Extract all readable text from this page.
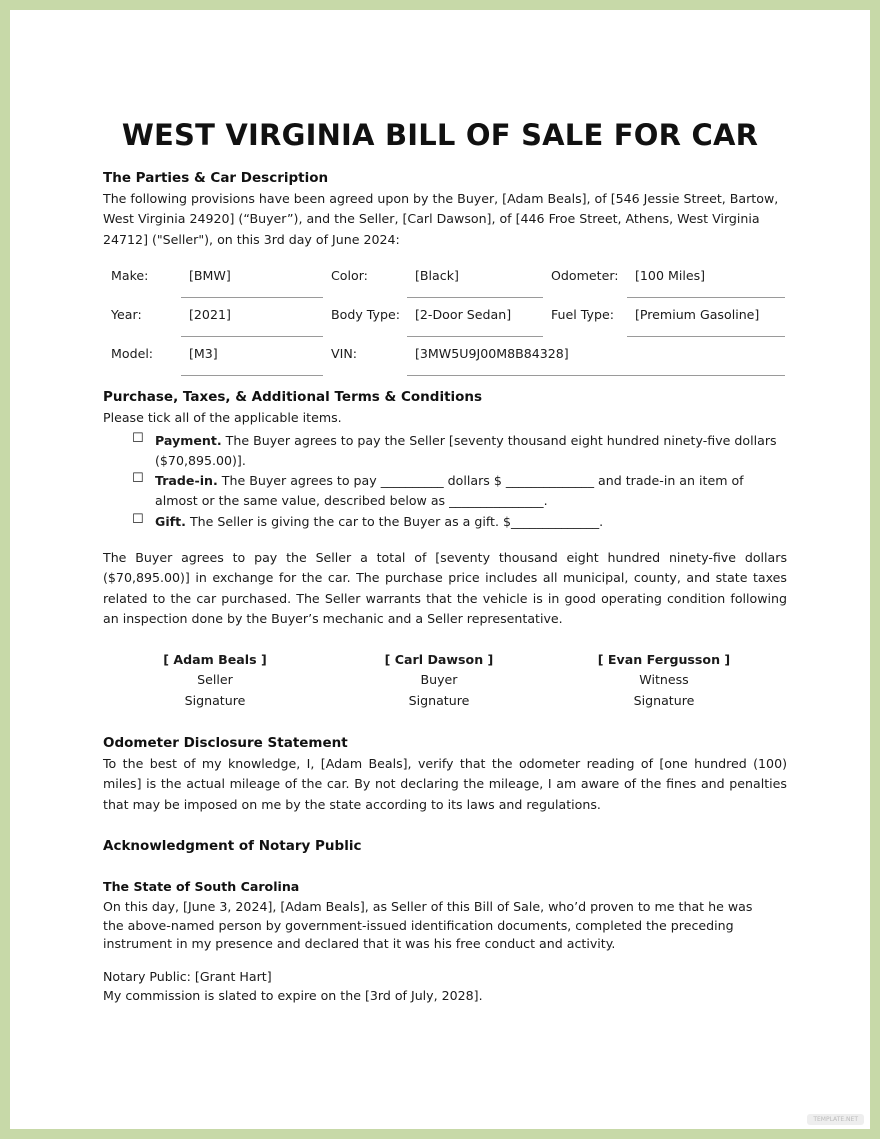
WEST VIRGINIA BILL OF SALE FOR CAR
The Parties & Car Description
The following provisions have been agreed upon by the Buyer, [Adam Beals], of [546 Jessie Street, Bartow, West Virginia 24920] (“Buyer”), and the Seller, [Carl Dawson], of [446 Froe Street, Athens, West Virginia 24712] ("Seller"), on this 3rd day of June 2024:
Make:	[BMW]	Color:	[Black]	Odometer: [100 Miles]
Year:	[2021]	Body Type: [2-Door Sedan]	Fuel Type: [Premium Gasoline]
Model:	[M3]	VIN:	[3MW5U9J00M8B84328]
Purchase, Taxes, & Additional Terms & Conditions
Please tick all of the applicable items.
☐ Payment. The Buyer agrees to pay the Seller [seventy thousand eight hundred ninety-five dollars ($70,895.00)].
☐ Trade-in. The Buyer agrees to pay __________ dollars $ ______________ and trade-in an item of almost or the same value, described below as _______________.
☐ Gift. The Seller is giving the car to the Buyer as a gift. $______________.
The Buyer agrees to pay the Seller a total of [seventy thousand eight hundred ninety-five dollars ($70,895.00)] in exchange for the car. The purchase price includes all municipal, county, and state taxes related to the car purchased. The Seller warrants that the vehicle is in good operating condition following an inspection done by the Buyer’s mechanic and a Seller representative.
[ Adam Beals ]
Seller
Signature
[ Carl Dawson ]
Buyer
Signature
[ Evan Fergusson ]
Witness
Signature
Odometer Disclosure Statement
To the best of my knowledge, I, [Adam Beals], verify that the odometer reading of [one hundred (100) miles] is the actual mileage of the car. By not declaring the mileage, I am aware of the fines and penalties that may be imposed on me by the state according to its laws and regulations.
Acknowledgment of Notary Public
The State of South Carolina
On this day, [June 3, 2024], [Adam Beals], as Seller of this Bill of Sale, who’d proven to me that he was the above-named person by government-issued identification documents, completed the preceding instrument in my presence and declared that it was his free conduct and activity.
Notary Public: [Grant Hart]
My commission is slated to expire on the [3rd of July, 2028].
TEMPLATE.NET
